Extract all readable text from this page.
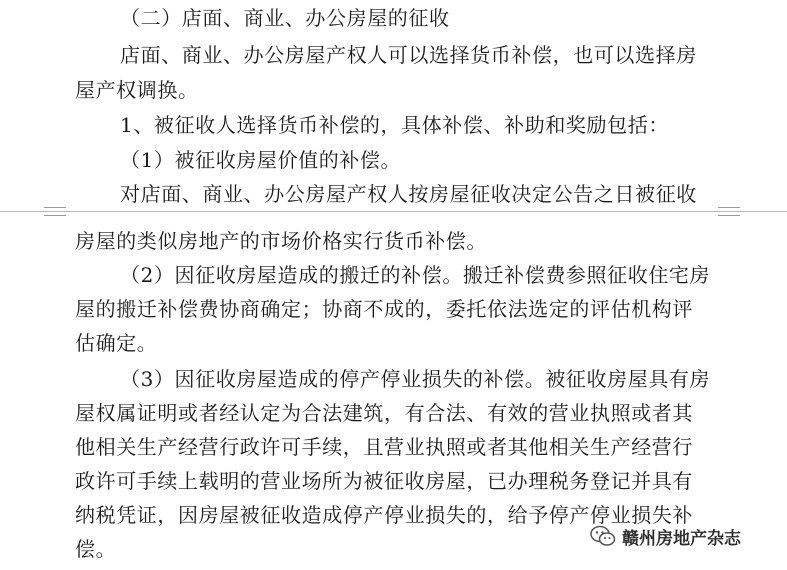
（二）店面、商业、办公房屋的征收

店面、商业、办公房屋产权人可以选择货币补偿，也可以选择房

屋产权调换。

1、被征收人选择货币补偿的，具体补偿、补助和奖励包括：

（1）被征收房屋价值的补偿。

对店面、商业、办公房屋产权人按房屋征收决定公告之日被征收

房屋的类似房地产的市场价格实行货币补偿。

（2）因征收房屋造成的搬迁的补偿。搬迁补偿费参照征收住宅房

屋的搬迁补偿费协商确定；协商不成的，委托依法选定的评估机构评

估确定。

（3）因征收房屋造成的停产停业损失的补偿。被征收房屋具有房

屋权属证明或者经认定为合法建筑，有合法、有效的营业执照或者其

他相关生产经营行政许可手续，且营业执照或者其他相关生产经营行

政许可手续上载明的营业场所为被征收房屋，已办理税务登记并具有

纳税凭证，因房屋被征收造成停产停业损失的，给予停产停业损失补

偿。	赣州房地产杂志
